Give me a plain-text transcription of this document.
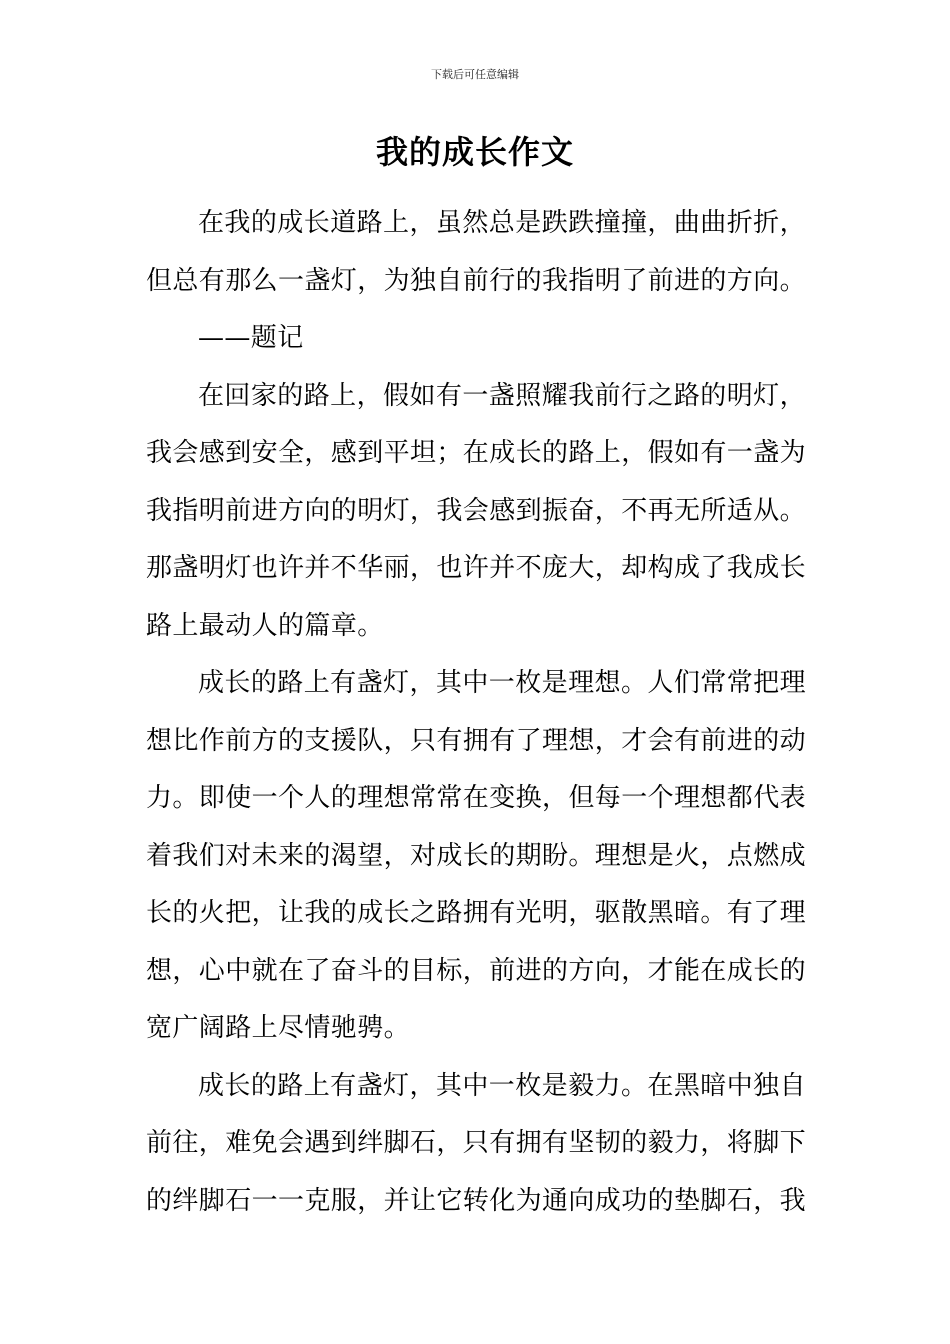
下载后可任意编辑
我的成长作文

在我的成长道路上，虽然总是跌跌撞撞，曲曲折折，但总有那么一盏灯，为独自前行的我指明了前进的方向。

——题记

在回家的路上，假如有一盏照耀我前行之路的明灯，我会感到安全，感到平坦；在成长的路上，假如有一盏为我指明前进方向的明灯，我会感到振奋，不再无所适从。那盏明灯也许并不华丽，也许并不庞大，却构成了我成长路上最动人的篇章。

成长的路上有盏灯，其中一枚是理想。人们常常把理想比作前方的支援队，只有拥有了理想，才会有前进的动力。即使一个人的理想常常在变换，但每一个理想都代表着我们对未来的渴望，对成长的期盼。理想是火，点燃成长的火把，让我的成长之路拥有光明，驱散黑暗。有了理想，心中就在了奋斗的目标，前进的方向，才能在成长的宽广阔路上尽情驰骋。

成长的路上有盏灯，其中一枚是毅力。在黑暗中独自前往，难免会遇到绊脚石，只有拥有坚韧的毅力，将脚下的绊脚石一一克服，并让它转化为通向成功的垫脚石，我
